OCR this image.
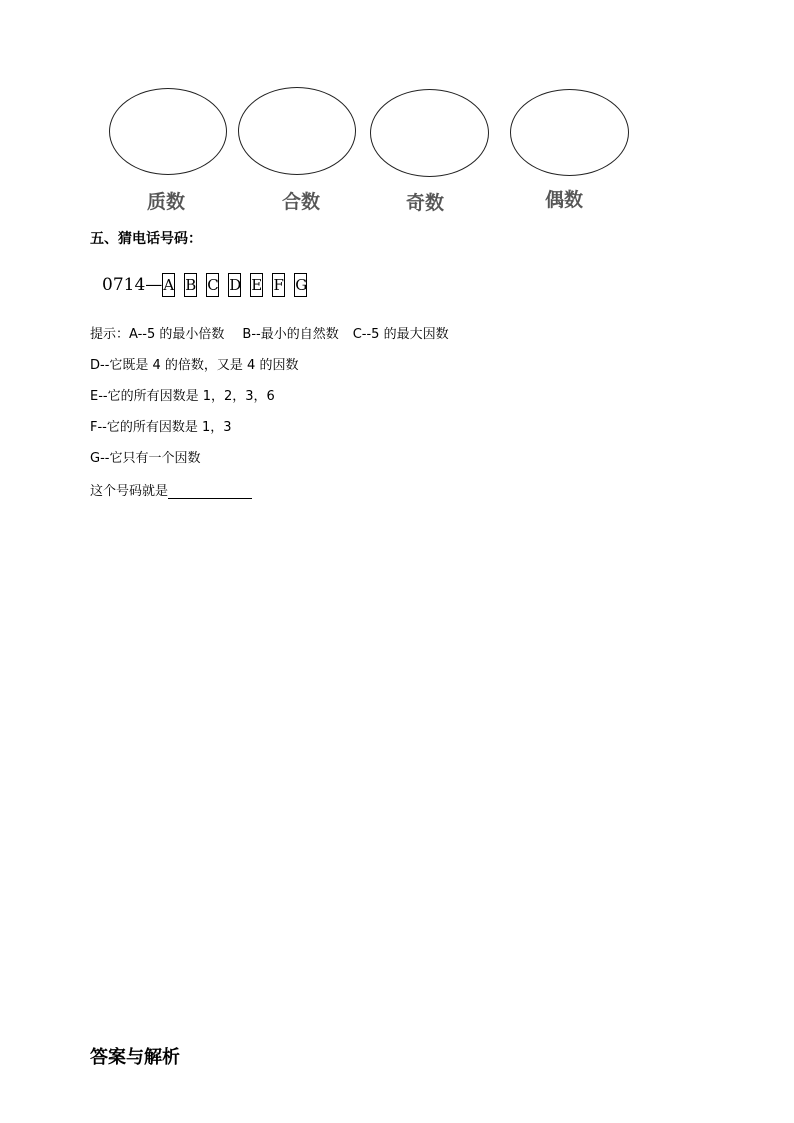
质数	合数	奇数	偶数
五、猜电话号码：
0714— A B C D E F G
提示：A--5 的最小倍数 B--最小的自然数 C--5 的最大因数
D--它既是 4 的倍数，又是 4 的因数
E--它的所有因数是 1，2，3，6
F--它的所有因数是 1，3
G--它只有一个因数
这个号码就是
答案与解析
